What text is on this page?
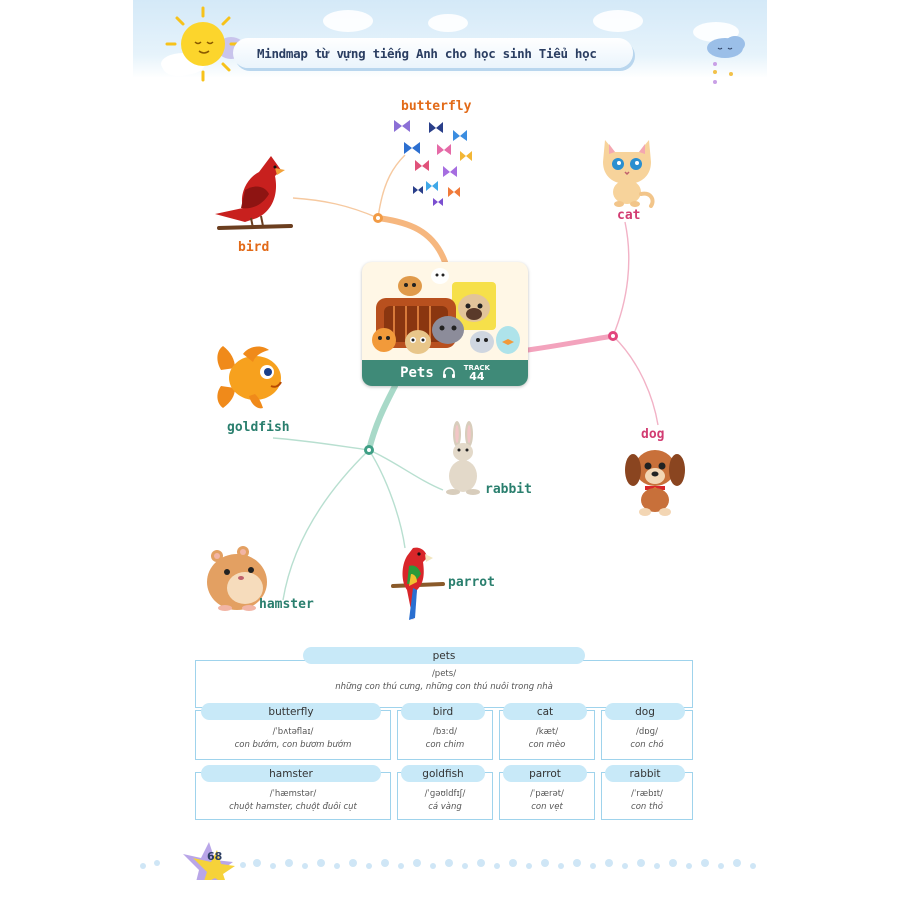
Mindmap từ vựng tiếng Anh cho học sinh Tiểu học
butterfly
bird
cat
dog
goldfish
rabbit
parrot
hamster
Pets	TRACK
44
pets
/pets/
những con thú cưng, những con thú nuôi trong nhà
butterfly	bird	cat	dog
/ˈbʌtəflaɪ/	/bɜːd/	/kæt/	/dɒɡ/
con bướm, con bươm bướm	con chim	con mèo	con chó
hamster	goldfish	parrot	rabbit
/ˈhæmstər/	/ˈɡəʊldfɪʃ/	/ˈpærət/	/ˈræbɪt/
chuột hamster, chuột đuôi cụt	cá vàng	con vẹt	con thỏ
68
